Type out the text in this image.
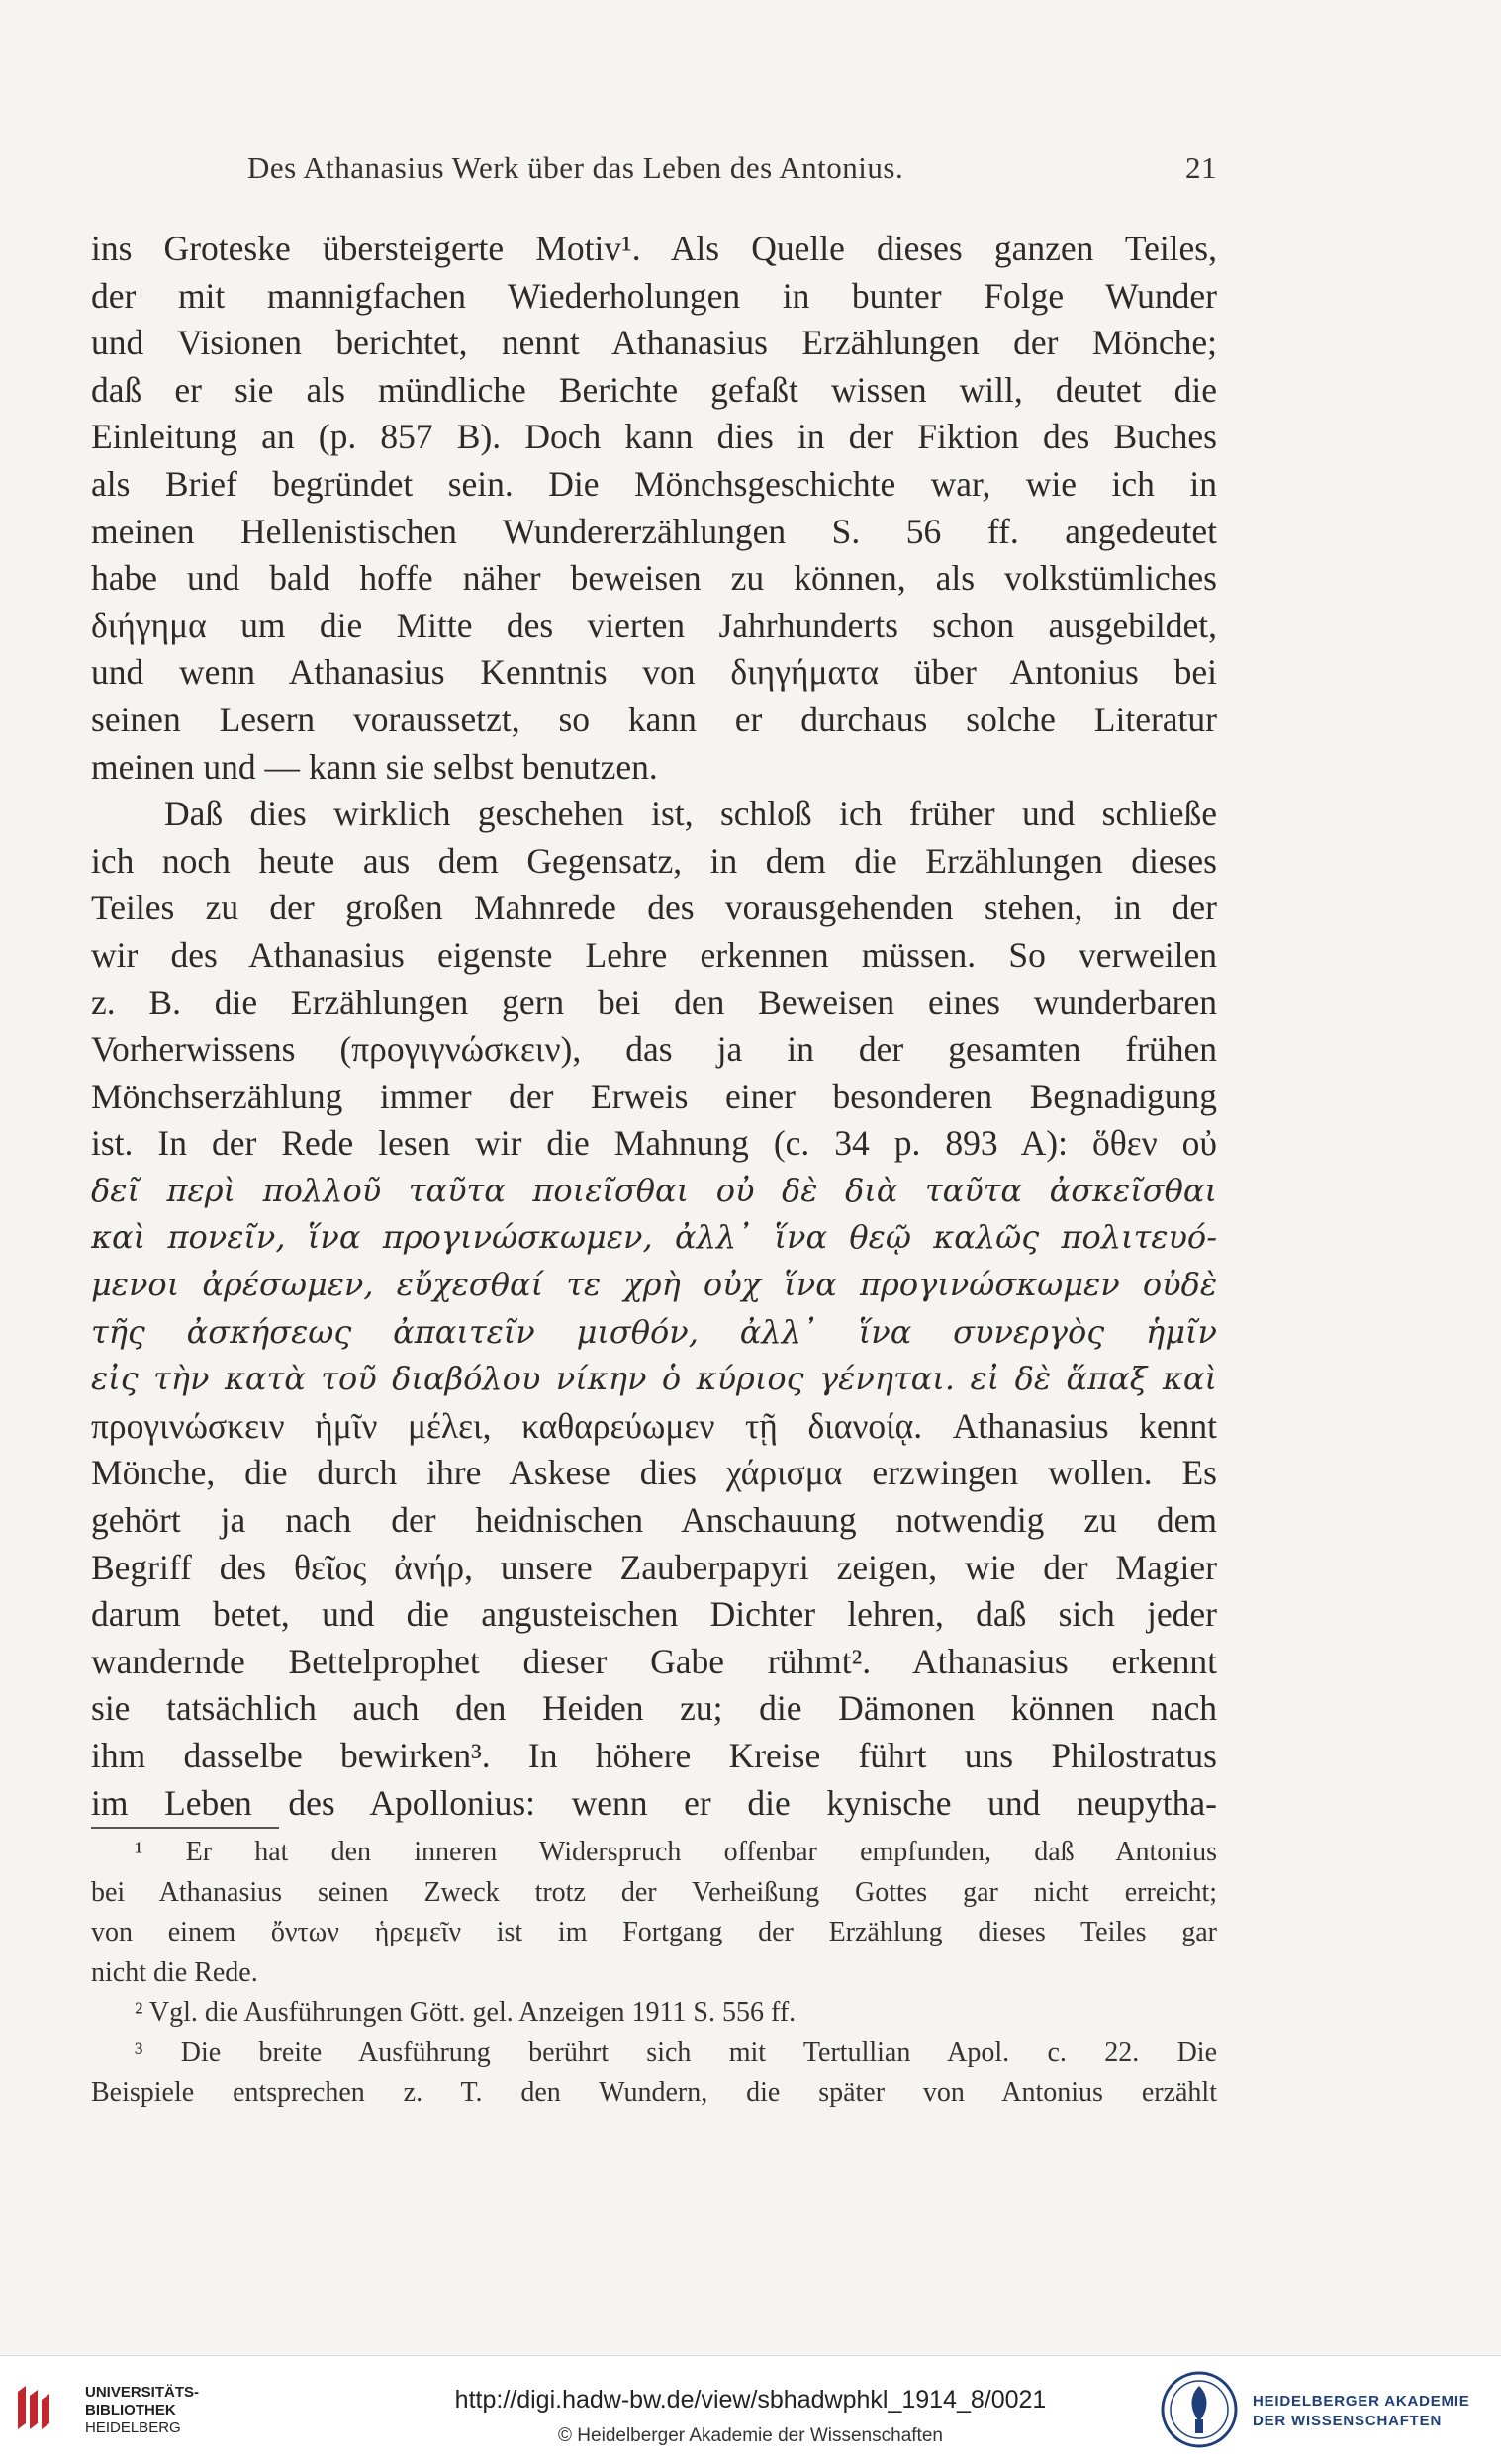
Des Athanasius Werk über das Leben des Antonius.	21
ins Groteske übersteigerte Motiv¹. Als Quelle dieses ganzen Teiles,
der mit mannigfachen Wiederholungen in bunter Folge Wunder
und Visionen berichtet, nennt Athanasius Erzählungen der Mönche;
daß er sie als mündliche Berichte gefaßt wissen will, deutet die
Einleitung an (p. 857 B). Doch kann dies in der Fiktion des Buches
als Brief begründet sein. Die Mönchsgeschichte war, wie ich in
meinen Hellenistischen Wundererzählungen S. 56 ff. angedeutet
habe und bald hoffe näher beweisen zu können, als volkstümliches
διήγημα um die Mitte des vierten Jahrhunderts schon ausgebildet,
und wenn Athanasius Kenntnis von διηγήματα über Antonius bei
seinen Lesern voraussetzt, so kann er durchaus solche Literatur
meinen und — kann sie selbst benutzen.
Daß dies wirklich geschehen ist, schloß ich früher und schließe
ich noch heute aus dem Gegensatz, in dem die Erzählungen dieses
Teiles zu der großen Mahnrede des vorausgehenden stehen, in der
wir des Athanasius eigenste Lehre erkennen müssen. So verweilen
z. B. die Erzählungen gern bei den Beweisen eines wunderbaren
Vorherwissens (προγιγνώσκειν), das ja in der gesamten frühen
Mönchserzählung immer der Erweis einer besonderen Begnadigung
ist. In der Rede lesen wir die Mahnung (c. 34 p. 893 A): ὅθεν οὐ
δεῖ περὶ πολλοῦ ταῦτα ποιεῖσθαι οὐ δὲ διὰ ταῦτα ἀσκεῖσθαι
καὶ πονεῖν, ἵνα προγινώσκωμεν, ἀλλ᾽ ἵνα θεῷ καλῶς πολιτευό-
μενοι ἀρέσωμεν, εὔχεσθαί τε χρὴ οὐχ ἵνα προγινώσκωμεν οὐδὲ
τῆς ἀσκήσεως ἀπαιτεῖν μισθόν, ἀλλ᾽ ἵνα συνεργὸς ἡμῖν
εἰς τὴν κατὰ τοῦ διαβόλου νίκην ὁ κύριος γένηται. εἰ δὲ ἅπαξ καὶ
προγινώσκειν ἡμῖν μέλει, καθαρεύωμεν τῇ διανοίᾳ. Athanasius kennt
Mönche, die durch ihre Askese dies χάρισμα erzwingen wollen. Es
gehört ja nach der heidnischen Anschauung notwendig zu dem
Begriff des θεῖος ἀνήρ, unsere Zauberpapyri zeigen, wie der Magier
darum betet, und die angusteischen Dichter lehren, daß sich jeder
wandernde Bettelprophet dieser Gabe rühmt². Athanasius erkennt
sie tatsächlich auch den Heiden zu; die Dämonen können nach
ihm dasselbe bewirken³. In höhere Kreise führt uns Philostratus
im Leben des Apollonius: wenn er die kynische und neupytha-
¹ Er hat den inneren Widerspruch offenbar empfunden, daß Antonius
bei Athanasius seinen Zweck trotz der Verheißung Gottes gar nicht erreicht;
von einem ὄντων ἡρεμεῖν ist im Fortgang der Erzählung dieses Teiles gar
nicht die Rede.
² Vgl. die Ausführungen Gött. gel. Anzeigen 1911 S. 556 ff.
³ Die breite Ausführung berührt sich mit Tertullian Apol. c. 22. Die
Beispiele entsprechen z. T. den Wundern, die später von Antonius erzählt
UNIVERSITÄTS-
BIBLIOTHEK
HEIDELBERG
http://digi.hadw-bw.de/view/sbhadwphkl_1914_8/0021
© Heidelberger Akademie der Wissenschaften
HEIDELBERGER AKADEMIE
DER WISSENSCHAFTEN
